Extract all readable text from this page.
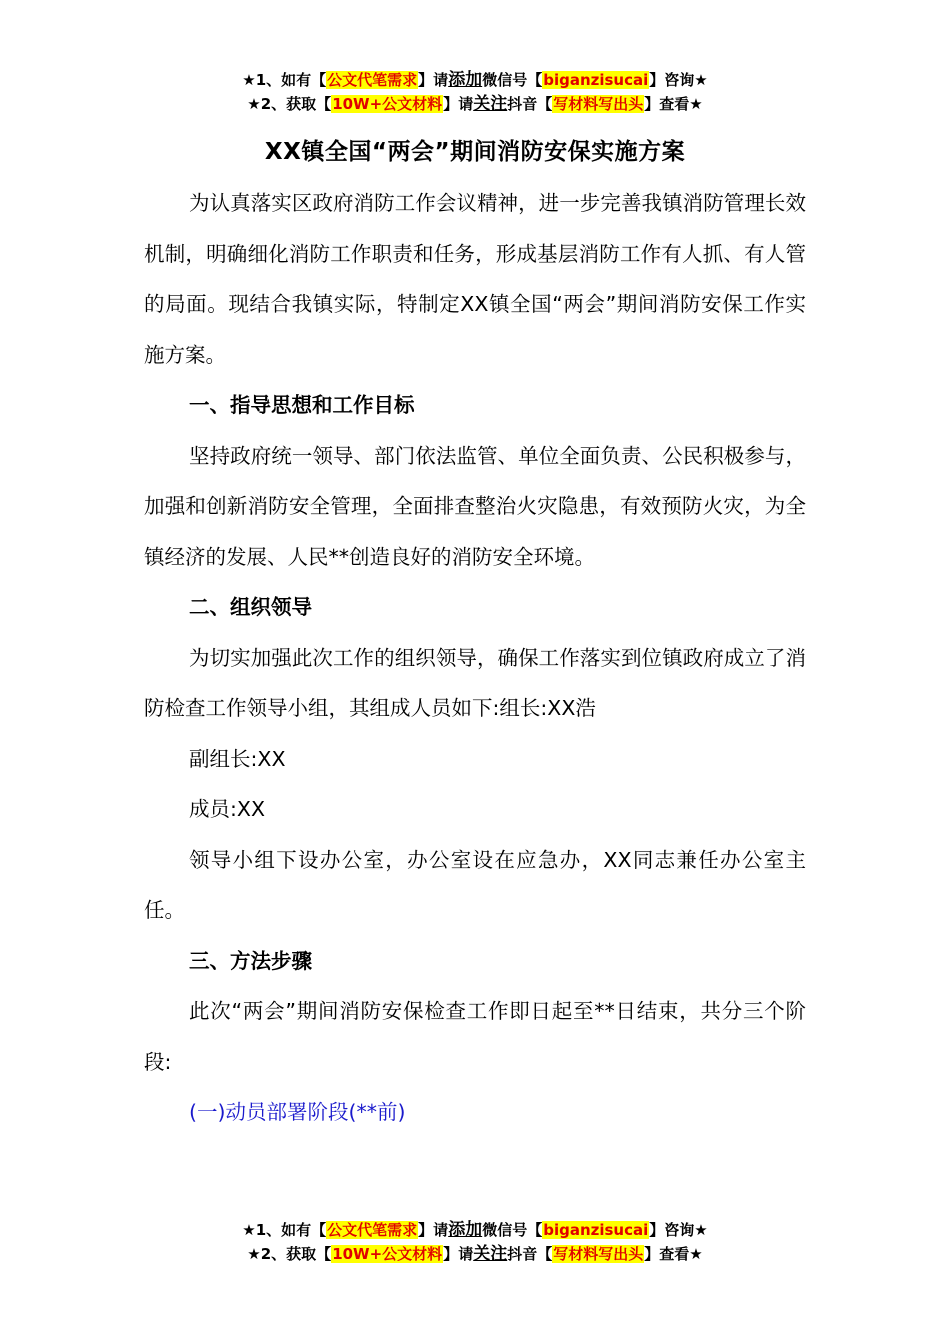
★1、如有【公文代笔需求】请添加微信号【biganzisucai】咨询★
★2、获取【10W+公文材料】请关注抖音【写材料写出头】查看★
XX镇全国“两会”期间消防安保实施方案

为认真落实区政府消防工作会议精神，进一步完善我镇消防管理长效机制，明确细化消防工作职责和任务，形成基层消防工作有人抓、有人管的局面。现结合我镇实际，特制定XX镇全国“两会”期间消防安保工作实施方案。

一、指导思想和工作目标

坚持政府统一领导、部门依法监管、单位全面负责、公民积极参与，加强和创新消防安全管理，全面排查整治火灾隐患，有效预防火灾，为全镇经济的发展、人民**创造良好的消防安全环境。

二、组织领导

为切实加强此次工作的组织领导，确保工作落实到位镇政府成立了消防检查工作领导小组，其组成人员如下:组长:XX浩

副组长:XX

成员:XX

领导小组下设办公室，办公室设在应急办，XX同志兼任办公室主任。

三、方法步骤

此次“两会”期间消防安保检查工作即日起至**日结束，共分三个阶段:

(一)动员部署阶段(**前)

★1、如有【公文代笔需求】请添加微信号【biganzisucai】咨询★
★2、获取【10W+公文材料】请关注抖音【写材料写出头】查看★
